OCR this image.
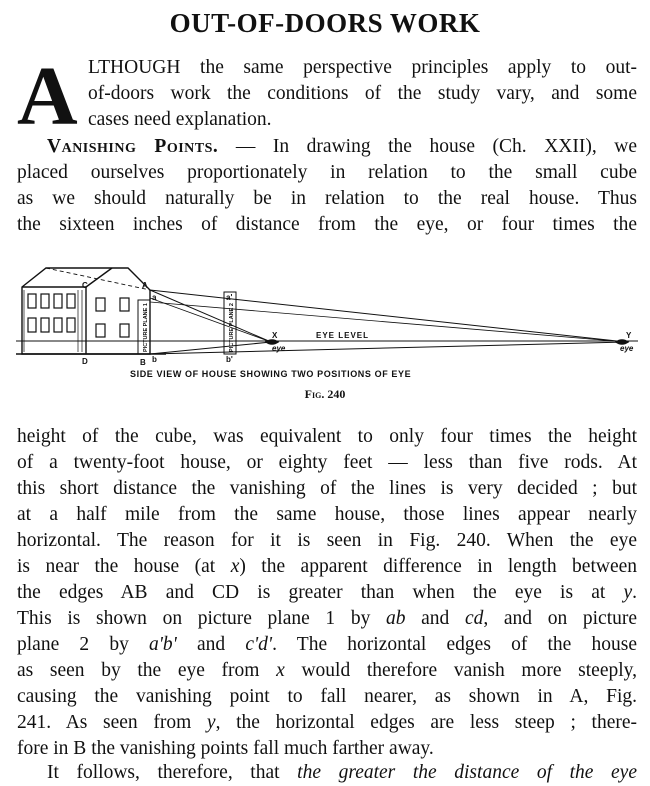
OUT-OF-DOORS WORK
A LTHOUGH the same perspective principles apply to out-
of-doors work the conditions of the study vary, and some
cases need explanation.
Vanishing Points. — In drawing the house (Ch. XXII), we
placed ourselves proportionately in relation to the small cube
as we should naturally be in relation to the real house. Thus
the sixteen inches of distance from the eye, or four times the
C	A
D	B
a
b
a'
b'
X	Y
EYE LEVEL
eye	eye
PICTURE PLANE 1	PICTURE PLANE 2
SIDE VIEW OF HOUSE SHOWING TWO POSITIONS OF EYE
Fig. 240
height of the cube, was equivalent to only four times the height
of a twenty-foot house, or eighty feet — less than five rods. At
this short distance the vanishing of the lines is very decided ; but
at a half mile from the same house, those lines appear nearly
horizontal. The reason for it is seen in Fig. 240. When the eye
is near the house (at x) the apparent difference in length between
the edges AB and CD is greater than when the eye is at y.
This is shown on picture plane 1 by ab and cd, and on picture
plane 2 by a'b' and c'd'. The horizontal edges of the house
as seen by the eye from x would therefore vanish more steeply,
causing the vanishing point to fall nearer, as shown in A, Fig.
241. As seen from y, the horizontal edges are less steep ; there-
fore in B the vanishing points fall much farther away.
It follows, therefore, that the greater the distance of the eye
